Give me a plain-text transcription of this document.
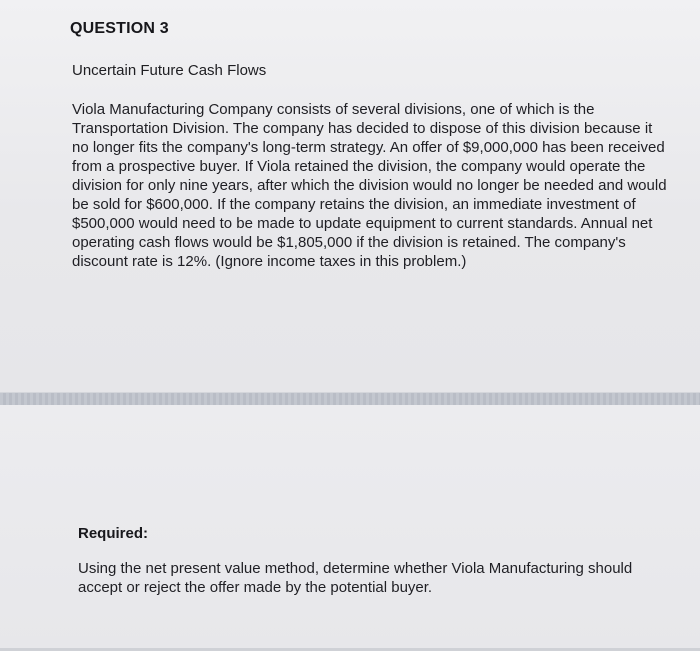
QUESTION 3
Uncertain Future Cash Flows

Viola Manufacturing Company consists of several divisions, one of which is the Transportation Division. The company has decided to dispose of this division because it no longer fits the company's long-term strategy. An offer of $9,000,000 has been received from a prospective buyer. If Viola retained the division, the company would operate the division for only nine years, after which the division would no longer be needed and would be sold for $600,000. If the company retains the division, an immediate investment of $500,000 would need to be made to update equipment to current standards. Annual net operating cash flows would be $1,805,000 if the division is retained. The company's discount rate is 12%. (Ignore income taxes in this problem.)

Required:

Using the net present value method, determine whether Viola Manufacturing should accept or reject the offer made by the potential buyer.
